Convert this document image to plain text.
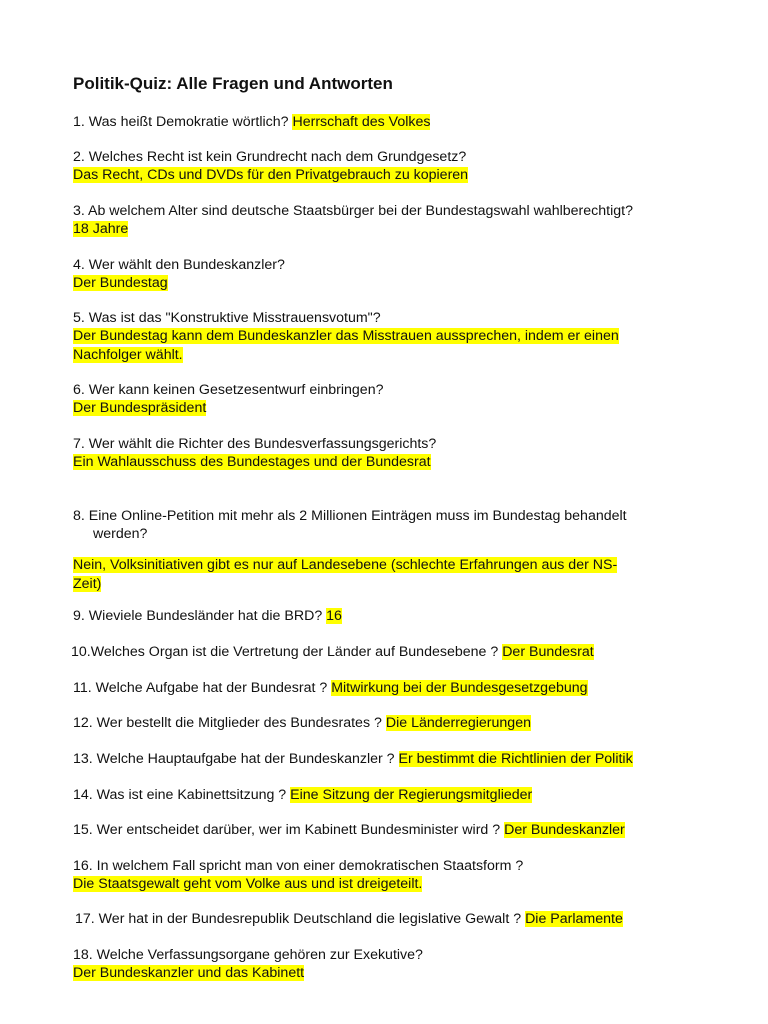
Politik-Quiz: Alle Fragen und Antworten
1. Was heißt Demokratie wörtlich? Herrschaft des Volkes
2. Welches Recht ist kein Grundrecht nach dem Grundgesetz?
Das Recht, CDs und DVDs für den Privatgebrauch zu kopieren
3. Ab welchem Alter sind deutsche Staatsbürger bei der Bundestagswahl wahlberechtigt?
18 Jahre
4. Wer wählt den Bundeskanzler?
Der Bundestag
5. Was ist das "Konstruktive Misstrauensvotum"?
Der Bundestag kann dem Bundeskanzler das Misstrauen aussprechen, indem er einen
Nachfolger wählt.
6. Wer kann keinen Gesetzesentwurf einbringen?
Der Bundespräsident
7. Wer wählt die Richter des Bundesverfassungsgerichts?
Ein Wahlausschuss des Bundestages und der Bundesrat
8. Eine Online-Petition mit mehr als 2 Millionen Einträgen muss im Bundestag behandelt
werden?
Nein, Volksinitiativen gibt es nur auf Landesebene (schlechte Erfahrungen aus der NS-
Zeit)
9. Wieviele Bundesländer hat die BRD? 16
10.Welches Organ ist die Vertretung der Länder auf Bundesebene ? Der Bundesrat
11. Welche Aufgabe hat der Bundesrat ? Mitwirkung bei der Bundesgesetzgebung
12. Wer bestellt die Mitglieder des Bundesrates ? Die Länderregierungen
13. Welche Hauptaufgabe hat der Bundeskanzler ? Er bestimmt die Richtlinien der Politik
14. Was ist eine Kabinettsitzung ? Eine Sitzung der Regierungsmitglieder
15. Wer entscheidet darüber, wer im Kabinett Bundesminister wird ? Der Bundeskanzler
16. In welchem Fall spricht man von einer demokratischen Staatsform ?
Die Staatsgewalt geht vom Volke aus und ist dreigeteilt.
17. Wer hat in der Bundesrepublik Deutschland die legislative Gewalt ? Die Parlamente
18. Welche Verfassungsorgane gehören zur Exekutive?
Der Bundeskanzler und das Kabinett
